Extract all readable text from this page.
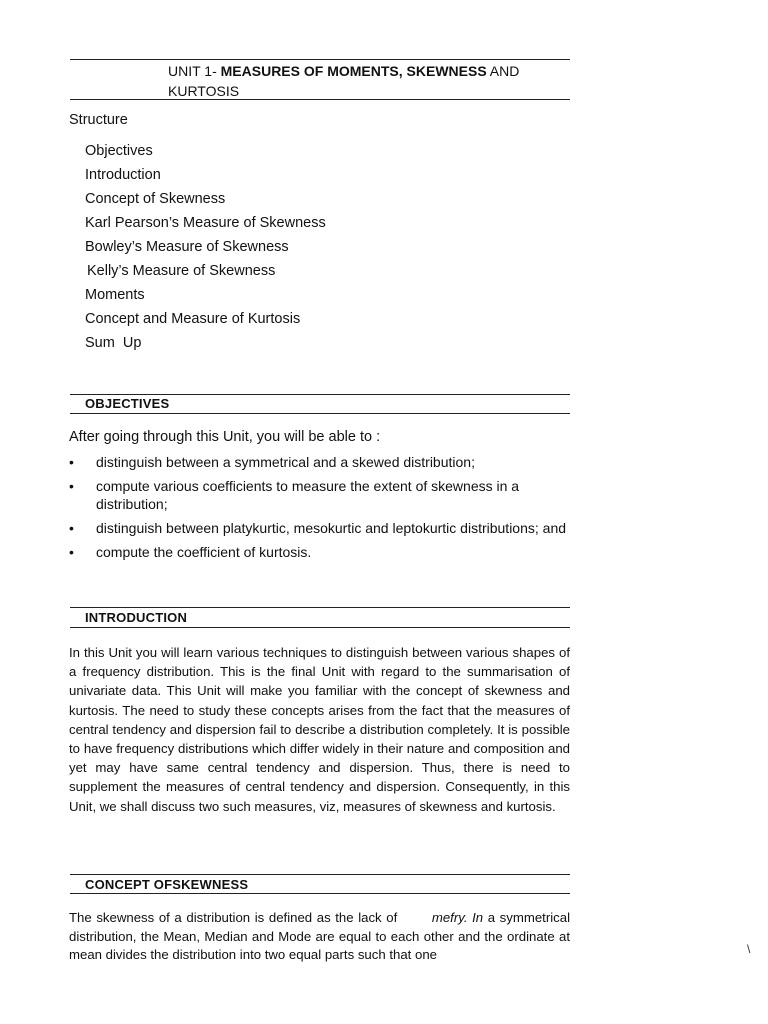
UNIT 1- MEASURES OF MOMENTS, SKEWNESS AND
KURTOSIS
Structure
Objectives
Introduction
Concept of Skewness
Karl Pearson’s Measure of Skewness
Bowley’s Measure of Skewness
Kelly’s Measure of Skewness
Moments
Concept and Measure of Kurtosis
Sum  Up
OBJECTIVES
After going through this Unit, you will be able to :
• distinguish between a symmetrical and a skewed distribution;
• compute various coefficients to measure the extent of skewness in a distribution;
• distinguish between platykurtic, mesokurtic and leptokurtic distributions; and
• compute the coefficient of kurtosis.
INTRODUCTION

In this Unit you will learn various techniques to distinguish between various shapes of a frequency distribution. This is the final Unit with regard to the summarisation of univariate data. This Unit will make you familiar with the concept of skewness and kurtosis. The need to study these concepts arises from the fact that the measures of central tendency and dispersion fail to describe a distribution completely. It is possible to have frequency distributions which differ widely in their nature and composition and yet may have same central tendency and dispersion. Thus, there is need to supplement the measures of central tendency and dispersion. Consequently, in this Unit, we shall discuss two such measures, viz, measures of skewness and kurtosis.

CONCEPT OFSKEWNESS

The skewness of a distribution is defined as the lack of	mefry. In a symmetrical distribution, the Mean, Median and Mode are equal to each other and the ordinate at mean divides the distribution into two equal parts such that one	\
